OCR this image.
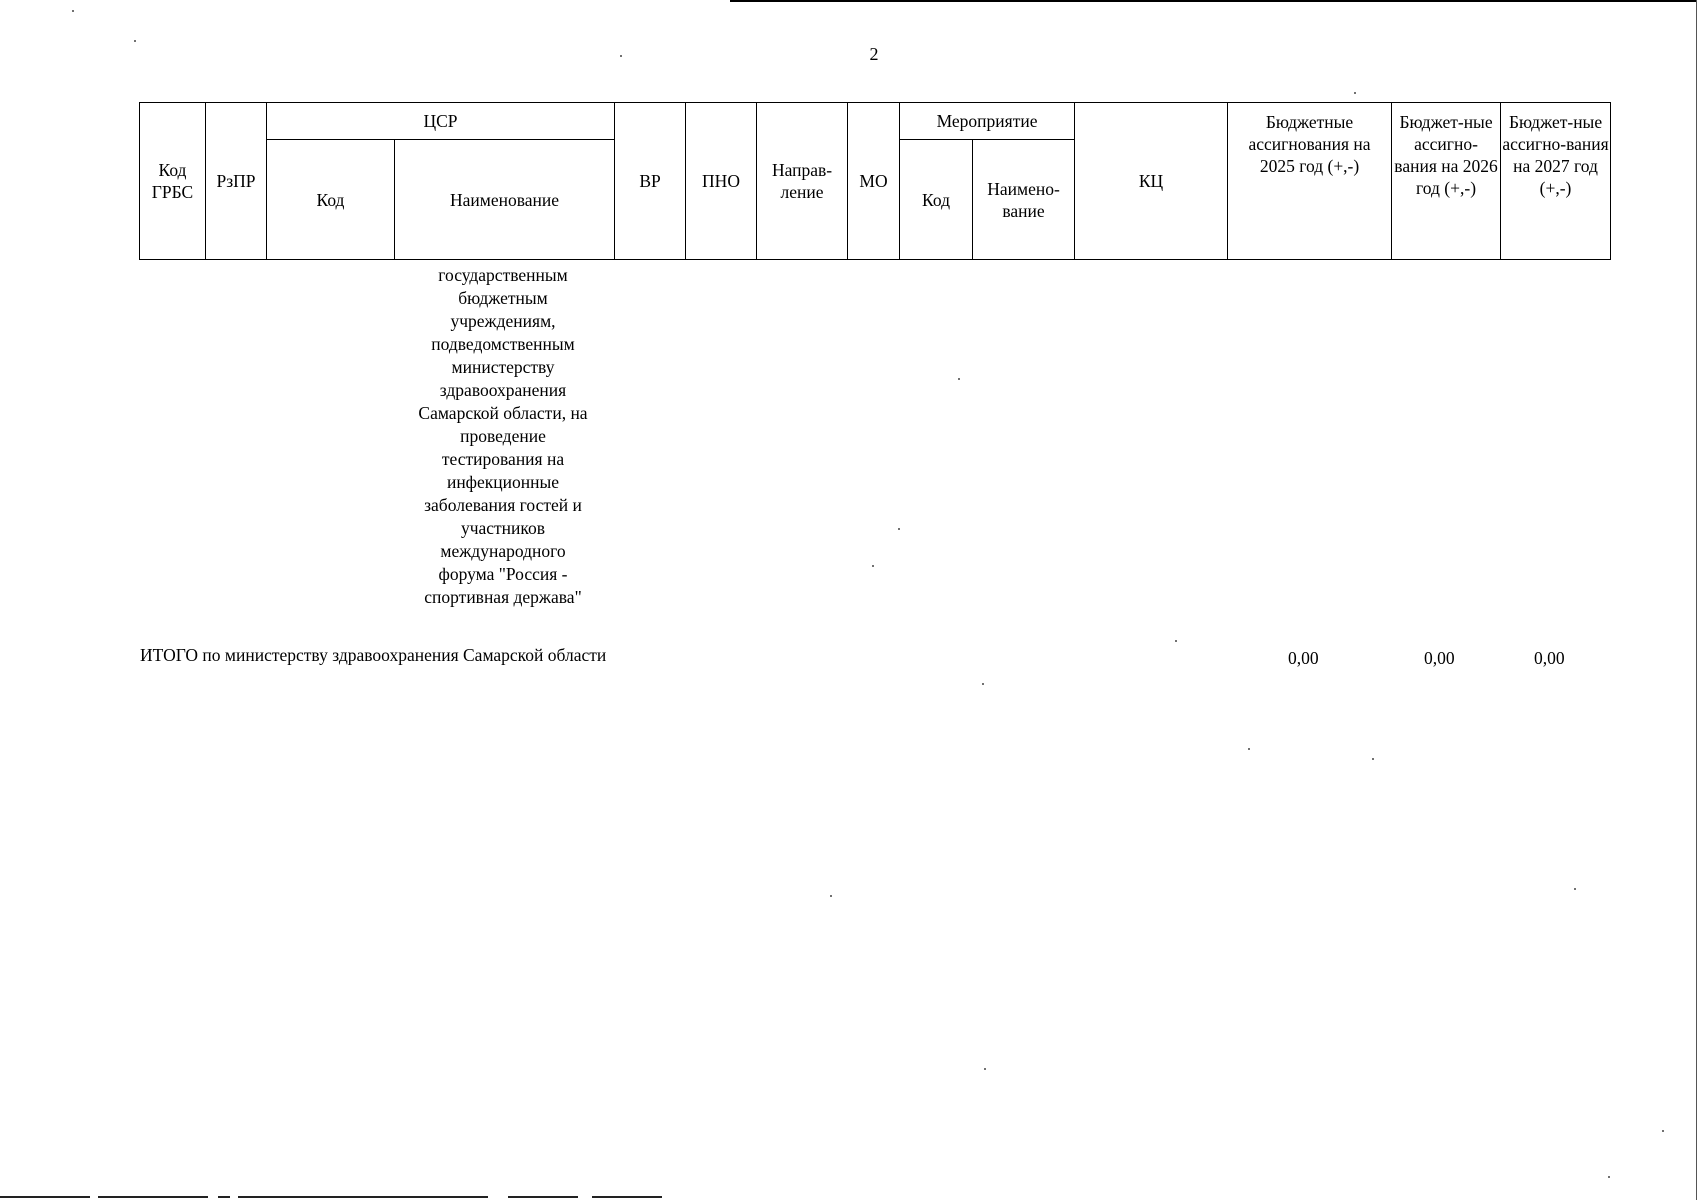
2
Код ГРБС	РзПР	ЦСР		ВР	ПНО	Направ-ление	МО	Мероприятие		КЦ	Бюджетные ассигнования на 2025 год (+,-)	Бюджет-ные ассигно-вания на 2026 год (+,-)	Бюджет-ные ассигно-вания на 2027 год (+,-)
		Код	Наименование					Код	Наимено-вание				
государственным
бюджетным
учреждениям,
подведомственным
министерству
здравоохранения
Самарской области, на
проведение
тестирования на
инфекционные
заболевания гостей и
участников
международного
форума "Россия -
спортивная держава"
ИТОГО по министерству здравоохранения Самарской области	0,00	0,00	0,00
